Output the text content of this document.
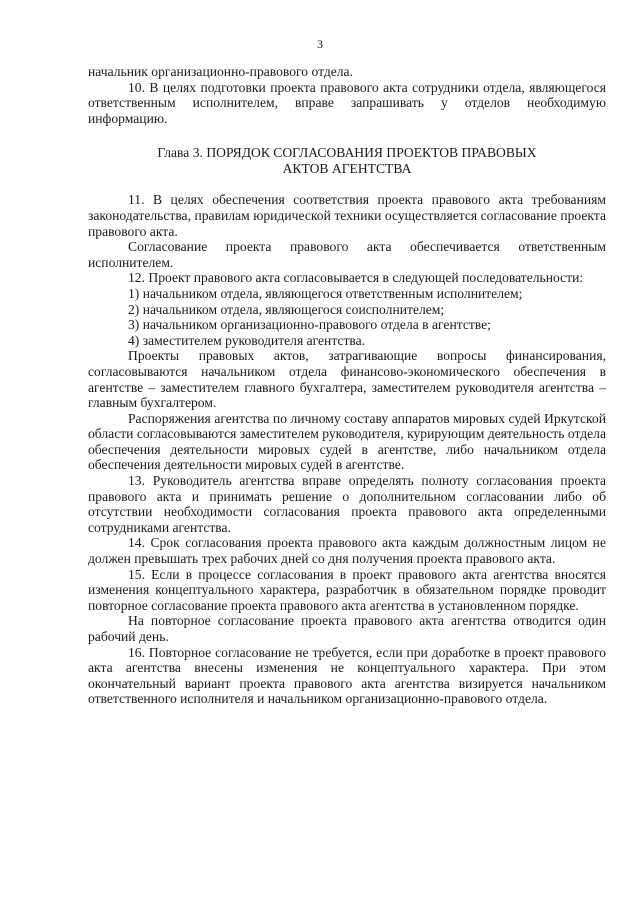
3

начальник организационно-правового отдела.

10. В целях подготовки проекта правового акта сотрудники отдела, являющегося ответственным исполнителем, вправе запрашивать у отделов необходимую информацию.

Глава 3. ПОРЯДОК СОГЛАСОВАНИЯ ПРОЕКТОВ ПРАВОВЫХ
АКТОВ АГЕНТСТВА

11. В целях обеспечения соответствия проекта правового акта требованиям законодательства, правилам юридической техники осуществляется согласование проекта правового акта.

Согласование проекта правового акта обеспечивается ответственным исполнителем.

12. Проект правового акта согласовывается в следующей последовательности:

1) начальником отдела, являющегося ответственным исполнителем;

2) начальником отдела, являющегося соисполнителем;

3) начальником организационно-правового отдела в агентстве;

4) заместителем руководителя агентства.

Проекты правовых актов, затрагивающие вопросы финансирования, согласовываются начальником отдела финансово-экономического обеспечения в агентстве – заместителем главного бухгалтера, заместителем руководителя агентства – главным бухгалтером.

Распоряжения агентства по личному составу аппаратов мировых судей Иркутской области согласовываются заместителем руководителя, курирующим деятельность отдела обеспечения деятельности мировых судей в агентстве, либо начальником отдела обеспечения деятельности мировых судей в агентстве.

13. Руководитель агентства вправе определять полноту согласования проекта правового акта и принимать решение о дополнительном согласовании либо об отсутствии необходимости согласования проекта правового акта определенными сотрудниками агентства.

14. Срок согласования проекта правового акта каждым должностным лицом не должен превышать трех рабочих дней со дня получения проекта правового акта.

15. Если в процессе согласования в проект правового акта агентства вносятся изменения концептуального характера, разработчик в обязательном порядке проводит повторное согласование проекта правового акта агентства в установленном порядке.

На повторное согласование проекта правового акта агентства отводится один рабочий день.

16. Повторное согласование не требуется, если при доработке в проект правового акта агентства внесены изменения не концептуального характера. При этом окончательный вариант проекта правового акта агентства визируется начальником ответственного исполнителя и начальником организационно-правового отдела.
